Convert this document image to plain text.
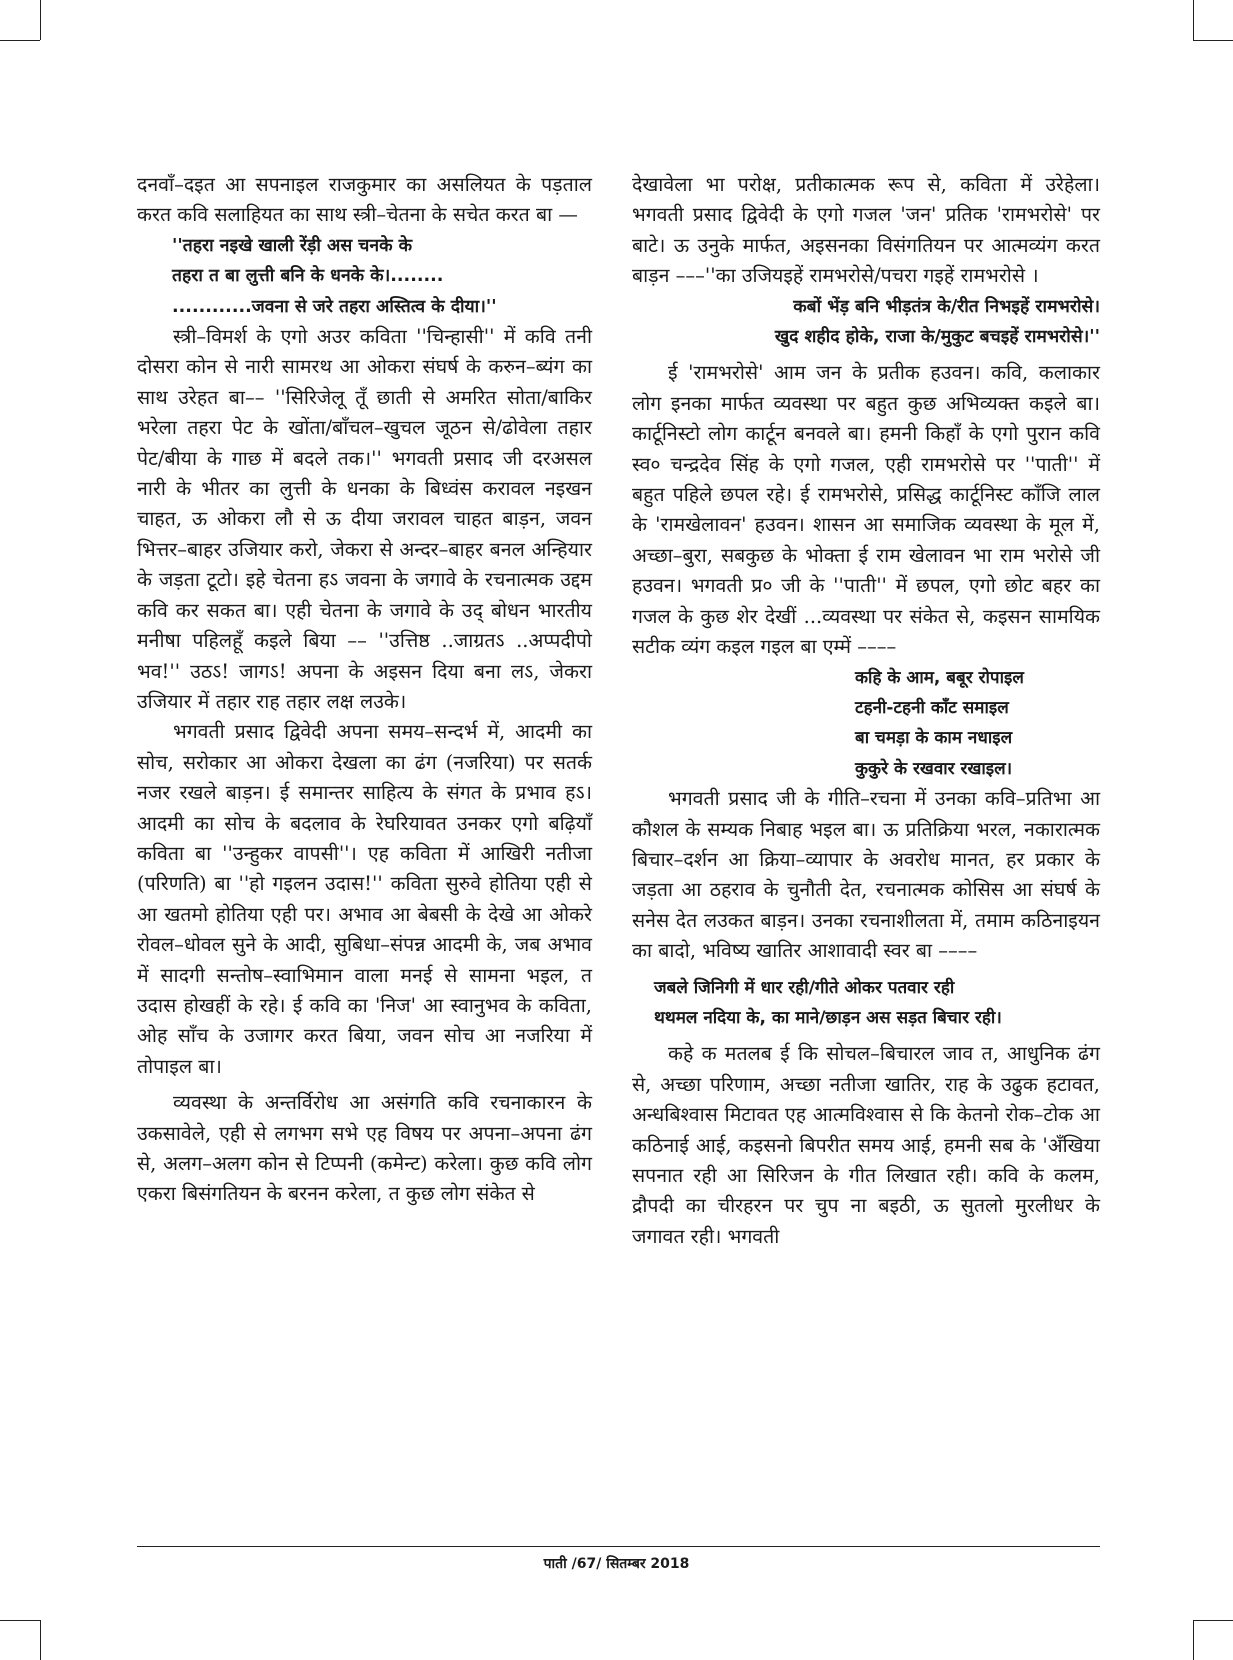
दनवाँ–दइत आ सपनाइल राजकुमार का असलियत के पड़ताल करत कवि सलाहियत का साथ स्त्री–चेतना के सचेत करत बा —

''तहरा नइखे खाली रेंड़ी अस चनके के

तहरा त बा लुत्ती बनि के धनके के।........

............जवना से जरे तहरा अस्तित्व के दीया।''

स्त्री–विमर्श के एगो अउर कविता ''चिन्हासी'' में कवि तनी दोसरा कोन से नारी सामरथ आ ओकरा संघर्ष के करुन–ब्यंग का साथ उरेहत बा–– ''सिरिजेलू तूँ छाती से अमरित सोता/बाकिर भरेला तहरा पेट के खोंता/बाँचल–खुचल जूठन से/ढोवेला तहार पेट/बीया के गाछ में बदले तक।'' भगवती प्रसाद जी दरअसल नारी के भीतर का लुत्ती के धनका के बिध्वंस करावल नइखन चाहत, ऊ ओकरा लौ से ऊ दीया जरावल चाहत बाड़न, जवन भित्तर–बाहर उजियार करो, जेकरा से अन्दर–बाहर बनल अन्हियार के जड़ता टूटो। इहे चेतना हऽ जवना के जगावे के रचनात्मक उद्दम कवि कर सकत बा। एही चेतना के जगावे के उद् बोधन भारतीय मनीषा पहिलहूँ कइले बिया –– ''उत्तिष्ठ ..जाग्रतऽ ..अप्पदीपो भव!'' उठऽ! जागऽ! अपना के अइसन दिया बना लऽ, जेकरा उजियार में तहार राह तहार लक्ष लउके।

भगवती प्रसाद द्विवेदी अपना समय–सन्दर्भ में, आदमी का सोच, सरोकार आ ओकरा देखला का ढंग (नजरिया) पर सतर्क नजर रखले बाड़न। ई समान्तर साहित्य के संगत के प्रभाव हऽ। आदमी का सोच के बदलाव के रेघरियावत उनकर एगो बढ़ियाँ कविता बा ''उन्हुकर वापसी''। एह कविता में आखिरी नतीजा (परिणति) बा ''हो गइलन उदास!'' कविता सुरुवे होतिया एही से आ खतमो होतिया एही पर। अभाव आ बेबसी के देखे आ ओकरे रोवल–धोवल सुने के आदी, सुबिधा–संपन्न आदमी के, जब अभाव में सादगी सन्तोष–स्वाभिमान वाला मनई से सामना भइल, त उदास होखहीं के रहे। ई कवि का 'निज' आ स्वानुभव के कविता, ओह साँच के उजागर करत बिया, जवन सोच आ नजरिया में तोपाइल बा।

व्यवस्था के अन्तर्विरोध आ असंगति कवि रचनाकारन के उकसावेले, एही से लगभग सभे एह विषय पर अपना–अपना ढंग से, अलग–अलग कोन से टिप्पनी (कमेन्ट) करेला। कुछ कवि लोग एकरा बिसंगतियन के बरनन करेला, त कुछ लोग संकेत से

देखावेला भा परोक्ष, प्रतीकात्मक रूप से, कविता में उरेहेला। भगवती प्रसाद द्विवेदी के एगो गजल 'जन' प्रतिक 'रामभरोसे' पर बाटे। ऊ उनुके मार्फत, अइसनका विसंगतियन पर आत्मव्यंग करत बाड़न –––''का उजियइहें रामभरोसे/पचरा गइहें रामभरोसे ।

कबों भेंड़ बनि भीड़तंत्र के/रीत निभइहें रामभरोसे।

खुद शहीद होके, राजा के/मुकुट बचइहें रामभरोसे।''

ई 'रामभरोसे' आम जन के प्रतीक हउवन। कवि, कलाकार लोग इनका मार्फत व्यवस्था पर बहुत कुछ अभिव्यक्त कइले बा। कार्टूनिस्टो लोग कार्टून बनवले बा। हमनी किहाँ के एगो पुरान कवि स्व० चन्द्रदेव सिंह के एगो गजल, एही रामभरोसे पर ''पाती'' में बहुत पहिले छपल रहे। ई रामभरोसे, प्रसिद्ध कार्टूनिस्ट काँजि लाल के 'रामखेलावन' हउवन। शासन आ समाजिक व्यवस्था के मूल में, अच्छा–बुरा, सबकुछ के भोक्ता ई राम खेलावन भा राम भरोसे जी हउवन। भगवती प्र० जी के ''पाती'' में छपल, एगो छोट बहर का गजल के कुछ शेर देखीं ...व्यवस्था पर संकेत से, कइसन सामयिक सटीक व्यंग कइल गइल बा एम्में ––––

कहि के आम, बबूर रोपाइल

टहनी-टहनी काँट समाइल

बा चमड़ा के काम नधाइल

कुकुरे के रखवार रखाइल।

भगवती प्रसाद जी के गीति–रचना में उनका कवि–प्रतिभा आ कौशल के सम्यक निबाह भइल बा। ऊ प्रतिक्रिया भरल, नकारात्मक बिचार–दर्शन आ क्रिया–व्यापार के अवरोध मानत, हर प्रकार के जड़ता आ ठहराव के चुनौती देत, रचनात्मक कोसिस आ संघर्ष के सनेस देत लउकत बाड़न। उनका रचनाशीलता में, तमाम कठिनाइयन का बादो, भविष्य खातिर आशावादी स्वर बा ––––

जबले जिनिगी में धार रही/गीते ओकर पतवार रही

थथमल नदिया के, का माने/छाड़न अस सड़त बिचार रही।

कहे क मतलब ई कि सोचल–बिचारल जाव त, आधुनिक ढंग से, अच्छा परिणाम, अच्छा नतीजा खातिर, राह के उढुक हटावत, अन्धबिश्वास मिटावत एह आत्मविश्वास से कि केतनो रोक–टोक आ कठिनाई आई, कइसनो बिपरीत समय आई, हमनी सब के 'अँखिया सपनात रही आ सिरिजन के गीत लिखात रही। कवि के कलम, द्रौपदी का चीरहरन पर चुप ना बइठी, ऊ सुतलो मुरलीधर के जगावत रही। भगवती

पाती /67/ सितम्बर 2018
